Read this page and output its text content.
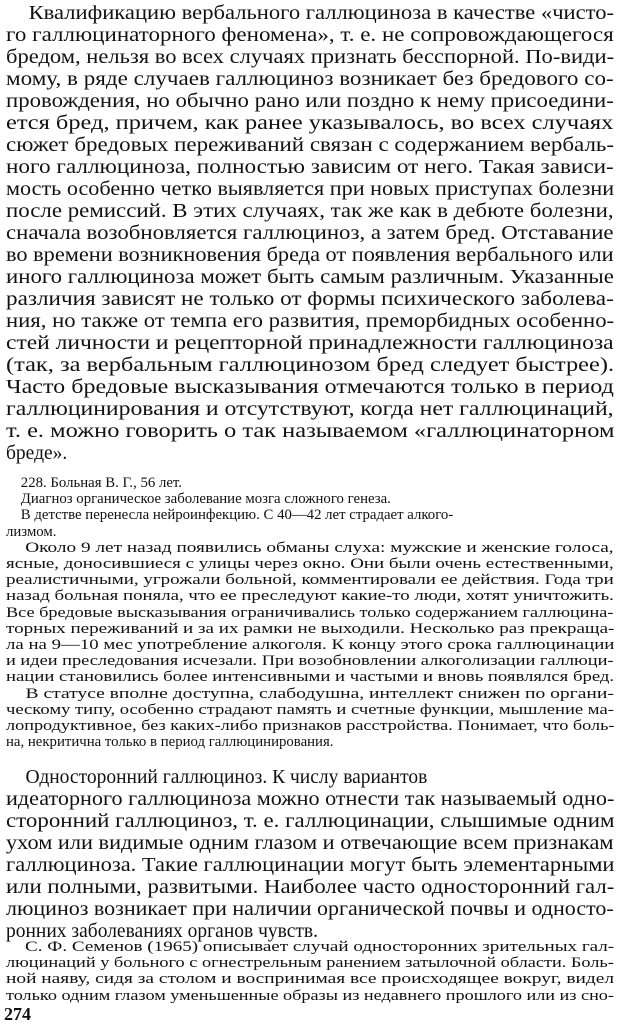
Квалификацию вербального галлюциноза в качестве «чисто-
го галлюцинаторного феномена», т. е. не сопровождающегося
бредом, нельзя во всех случаях признать бесспорной. По-види-
мому, в ряде случаев галлюциноз возникает без бредового со-
провождения, но обычно рано или поздно к нему присоедини-
ется бред, причем, как ранее указывалось, во всех случаях
сюжет бредовых переживаний связан с содержанием вербаль-
ного галлюциноза, полностью зависим от него. Такая зависи-
мость особенно четко выявляется при новых приступах болезни
после ремиссий. В этих случаях, так же как в дебюте болезни,
сначала возобновляется галлюциноз, а затем бред. Отставание
во времени возникновения бреда от появления вербального или
иного галлюциноза может быть самым различным. Указанные
различия зависят не только от формы психического заболева-
ния, но также от темпа его развития, преморбидных особенно-
стей личности и рецепторной принадлежности галлюциноза
(так, за вербальным галлюцинозом бред следует быстрее).
Часто бредовые высказывания отмечаются только в период
галлюцинирования и отсутствуют, когда нет галлюцинаций,
т. е. можно говорить о так называемом «галлюцинаторном
бреде».
228. Больная В. Г., 56 лет.
Диагноз органическое заболевание мозга сложного генеза.
В детстве перенесла нейроинфекцию. С 40—42 лет страдает алкого-
лизмом.
Около 9 лет назад появились обманы слуха: мужские и женские голоса,
ясные, доносившиеся с улицы через окно. Они были очень естественными,
реалистичными, угрожали больной, комментировали ее действия. Года три
назад больная поняла, что ее преследуют какие-то люди, хотят уничтожить.
Все бредовые высказывания ограничивались только содержанием галлюцина-
торных переживаний и за их рамки не выходили. Несколько раз прекраща-
ла на 9—10 мес употребление алкоголя. К концу этого срока галлюцинации
и идеи преследования исчезали. При возобновлении алкоголизации галлюци-
нации становились более интенсивными и частыми и вновь появлялся бред.
В статусе вполне доступна, слабодушна, интеллект снижен по органи-
ческому типу, особенно страдают память и счетные функции, мышление ма-
лопродуктивное, без каких-либо признаков расстройства. Понимает, что боль-
на, некритична только в период галлюцинирования.
Односторонний галлюциноз. К числу вариантов
идеаторного галлюциноза можно отнести так называемый одно-
сторонний галлюциноз, т. е. галлюцинации, слышимые одним
ухом или видимые одним глазом и отвечающие всем признакам
галлюциноза. Такие галлюцинации могут быть элементарными
или полными, развитыми. Наиболее часто односторонний гал-
люциноз возникает при наличии органической почвы и односто-
ронних заболеваниях органов чувств.
С. Ф. Семенов (1965) описывает случай односторонних зрительных гал-
люцинаций у больного с огнестрельным ранением затылочной области. Боль-
ной наяву, сидя за столом и воспринимая все происходящее вокруг, видел
только одним глазом уменьшенные образы из недавнего прошлого или из сно-
274
